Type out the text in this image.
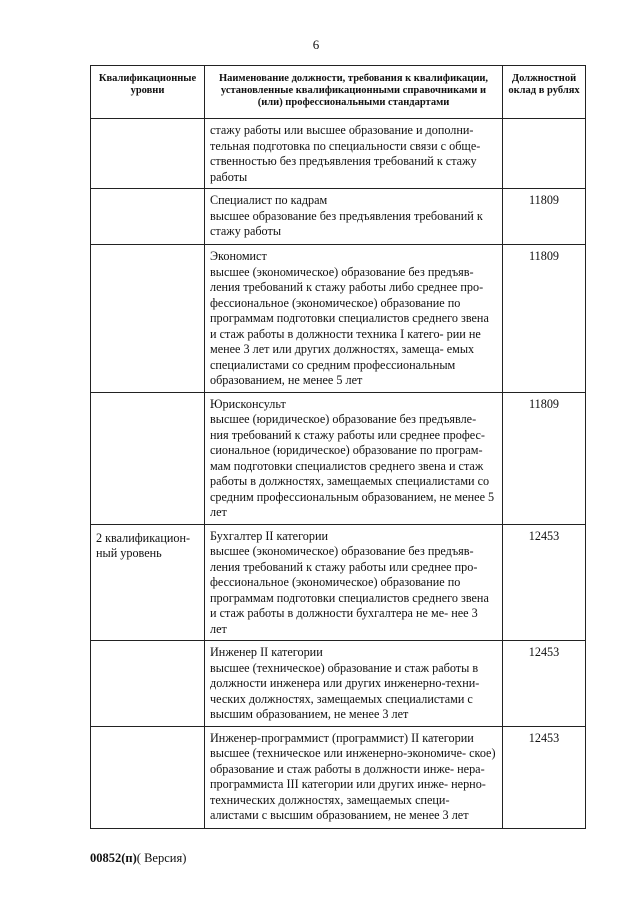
6
Квалификационные уровни	Наименование должности, требования к квалификации, установленные квалификационными справочниками и (или) профессиональными стандартами	Должностной оклад в рублях

	стажу работы или высшее образование и дополни- тельная подготовка по специальности связи с обще- ственностью без предъявления требований к стажу работы	

	Специалист по кадрам
высшее образование без предъявления требований к стажу работы	11809

	Экономист
высшее (экономическое) образование без предъяв- ления требований к стажу работы либо среднее про- фессиональное (экономическое) образование по программам подготовки специалистов среднего звена и стаж работы в должности техника I катего- рии не менее 3 лет или других должностях, замеща- емых специалистами со средним профессиональным образованием, не менее 5 лет	11809

	Юрисконсульт
высшее (юридическое) образование без предъявле- ния требований к стажу работы или среднее профес- сиональное (юридическое) образование по програм- мам подготовки специалистов среднего звена и стаж работы в должностях, замещаемых специалистами со средним профессиональным образованием, не менее 5 лет	11809
2 квалификацион- ный уровень	Бухгалтер II категории
высшее (экономическое) образование без предъяв- ления требований к стажу работы или среднее про- фессиональное (экономическое) образование по программам подготовки специалистов среднего звена и стаж работы в должности бухгалтера не ме- нее 3 лет	12453

	Инженер II категории
высшее (техническое) образование и стаж работы в должности инженера или других инженерно-техни- ческих должностях, замещаемых специалистами с высшим образованием, не менее 3 лет	12453

	Инженер-программист (программист) II категории
высшее (техническое или инженерно-экономиче- ское) образование и стаж работы в должности инже- нера-программиста III категории или других инже- нерно-технических должностях, замещаемых специ- алистами с высшим образованием, не менее 3 лет	12453
00852(п)( Версия)
